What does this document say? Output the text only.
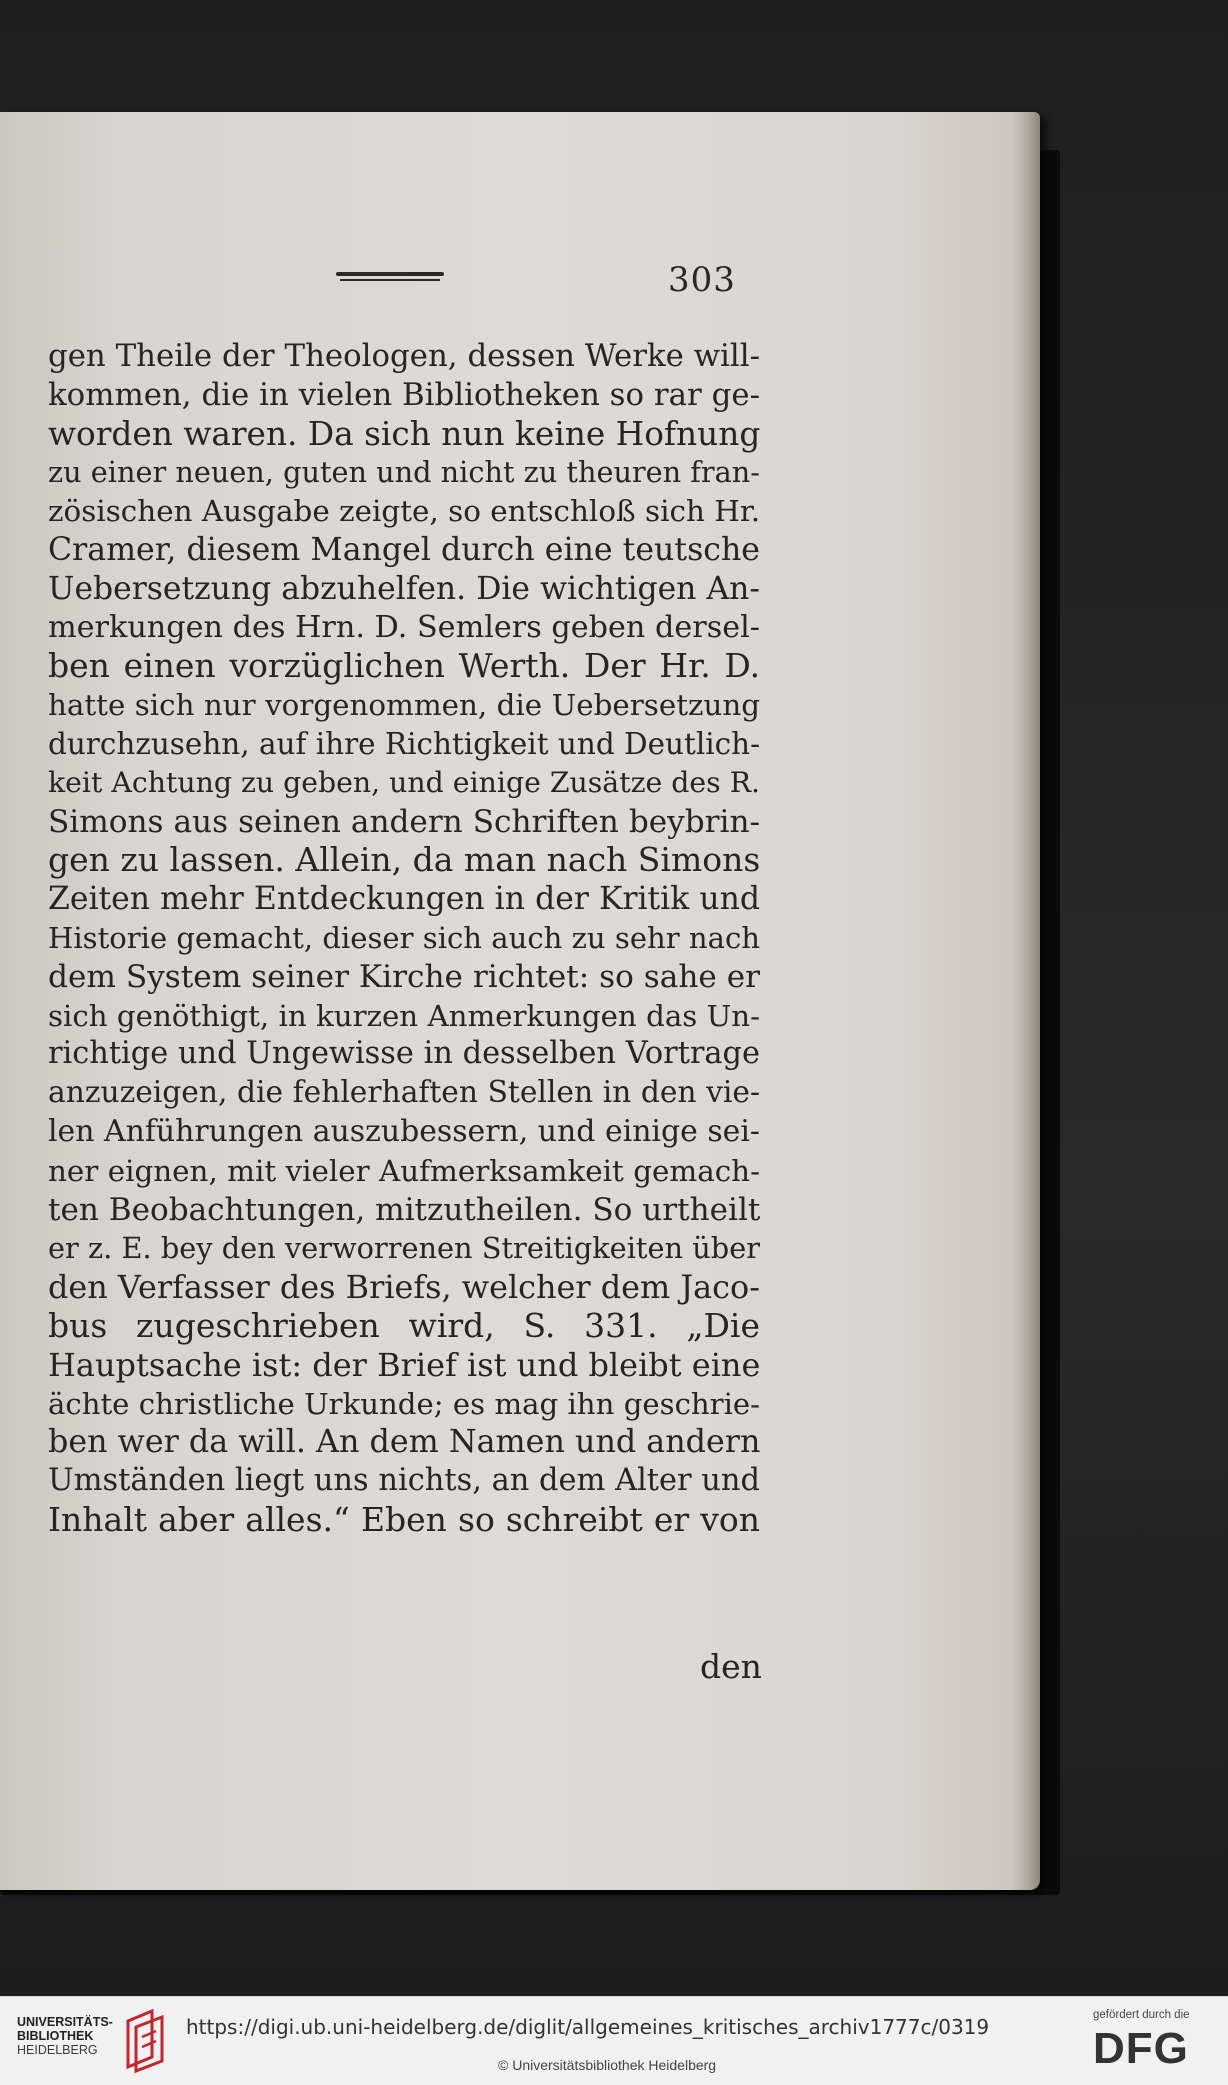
303
gen Theile der Theologen, dessen Werke will-
kommen, die in vielen Bibliotheken so rar ge-
worden waren. Da sich nun keine Hofnung
zu einer neuen, guten und nicht zu theuren fran-
zösischen Ausgabe zeigte, so entschloß sich Hr.
Cramer, diesem Mangel durch eine teutsche
Uebersetzung abzuhelfen. Die wichtigen An-
merkungen des Hrn. D. Semlers geben dersel-
ben einen vorzüglichen Werth. Der Hr. D.
hatte sich nur vorgenommen, die Uebersetzung
durchzusehn, auf ihre Richtigkeit und Deutlich-
keit Achtung zu geben, und einige Zusätze des R.
Simons aus seinen andern Schriften beybrin-
gen zu lassen. Allein, da man nach Simons
Zeiten mehr Entdeckungen in der Kritik und
Historie gemacht, dieser sich auch zu sehr nach
dem System seiner Kirche richtet: so sahe er
sich genöthigt, in kurzen Anmerkungen das Un-
richtige und Ungewisse in desselben Vortrage
anzuzeigen, die fehlerhaften Stellen in den vie-
len Anführungen auszubessern, und einige sei-
ner eignen, mit vieler Aufmerksamkeit gemach-
ten Beobachtungen, mitzutheilen. So urtheilt
er z. E. bey den verworrenen Streitigkeiten über
den Verfasser des Briefs, welcher dem Jaco-
bus zugeschrieben wird, S. 331. „Die
Hauptsache ist: der Brief ist und bleibt eine
ächte christliche Urkunde; es mag ihn geschrie-
ben wer da will. An dem Namen und andern
Umständen liegt uns nichts, an dem Alter und
Inhalt aber alles.“ Eben so schreibt er von
den
UNIVERSITÄTS-
BIBLIOTHEK
HEIDELBERG
https://digi.ub.uni-heidelberg.de/diglit/allgemeines_kritisches_archiv1777c/0319
© Universitätsbibliothek Heidelberg
gefördert durch die
DFG
